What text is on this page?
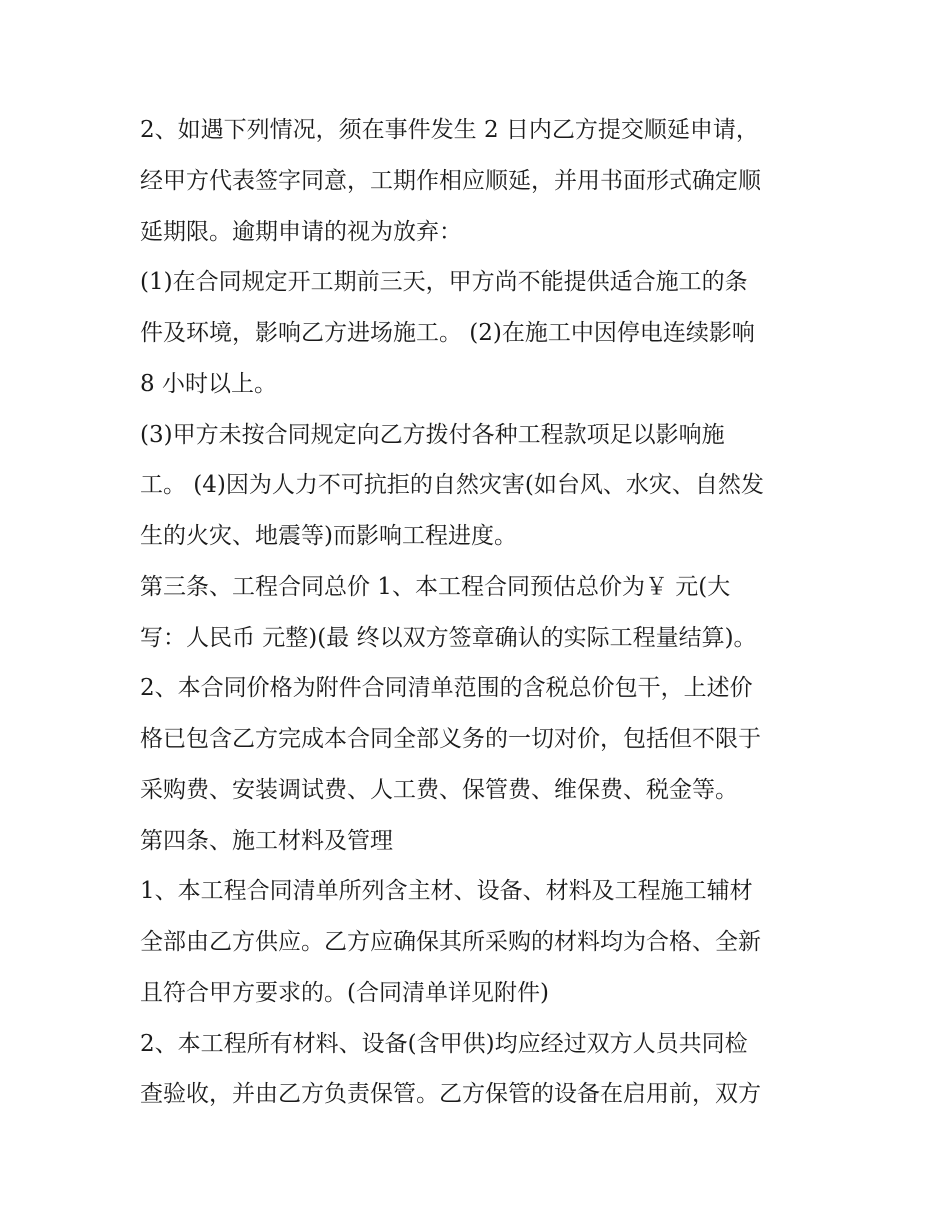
2、如遇下列情况，须在事件发生 2 日内乙方提交顺延申请，
经甲方代表签字同意，工期作相应顺延，并用书面形式确定顺
延期限。逾期申请的视为放弃：
(1)在合同规定开工期前三天，甲方尚不能提供适合施工的条
件及环境，影响乙方进场施工。 (2)在施工中因停电连续影响
8 小时以上。
(3)甲方未按合同规定向乙方拨付各种工程款项足以影响施
工。 (4)因为人力不可抗拒的自然灾害(如台风、水灾、自然发
生的火灾、地震等)而影响工程进度。
第三条、工程合同总价 1、本工程合同预估总价为￥ 元(大
写：人民币 元整)(最 终以双方签章确认的实际工程量结算)。
2、本合同价格为附件合同清单范围的含税总价包干，上述价
格已包含乙方完成本合同全部义务的一切对价，包括但不限于
采购费、安装调试费、人工费、保管费、维保费、税金等。
第四条、施工材料及管理
1、本工程合同清单所列含主材、设备、材料及工程施工辅材
全部由乙方供应。乙方应确保其所采购的材料均为合格、全新
且符合甲方要求的。(合同清单详见附件)
2、本工程所有材料、设备(含甲供)均应经过双方人员共同检
查验收，并由乙方负责保管。乙方保管的设备在启用前，双方
